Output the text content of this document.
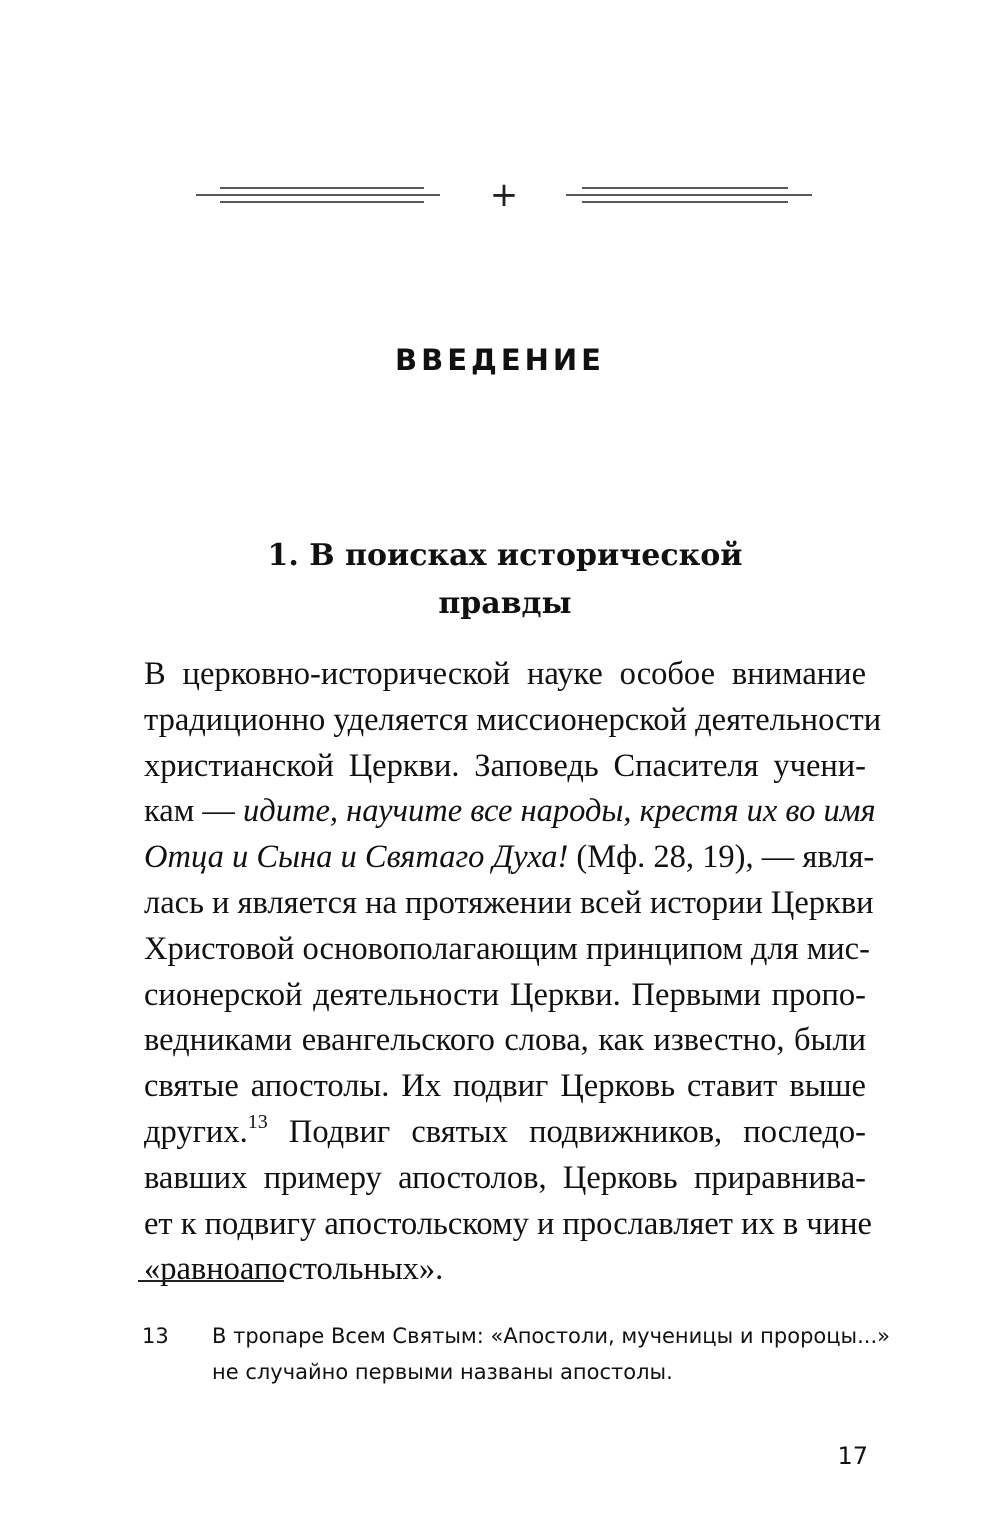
+
ВВЕДЕНИЕ
1. В поисках исторической
правды
В церковно-исторической науке особое внимание
традиционно уделяется миссионерской деятельности
христианской Церкви. Заповедь Спасителя учени-
кам — идите, научите все народы, крестя их во имя
Отца и Сына и Святаго Духа! (Мф. 28, 19), — явля-
лась и является на протяжении всей истории Церкви
Христовой основополагающим принципом для мис-
сионерской деятельности Церкви. Первыми пропо-
ведниками евангельского слова, как известно, были
святые апостолы. Их подвиг Церковь ставит выше
других.$^{13}$ Подвиг святых подвижников, последо-
вавших примеру апостолов, Церковь приравнива-
ет к подвигу апостольскому и прославляет их в чине
«равноапостольных».
13 В тропаре Всем Святым: «Апостоли, мученицы и пророцы...»
не случайно первыми названы апостолы.
17
